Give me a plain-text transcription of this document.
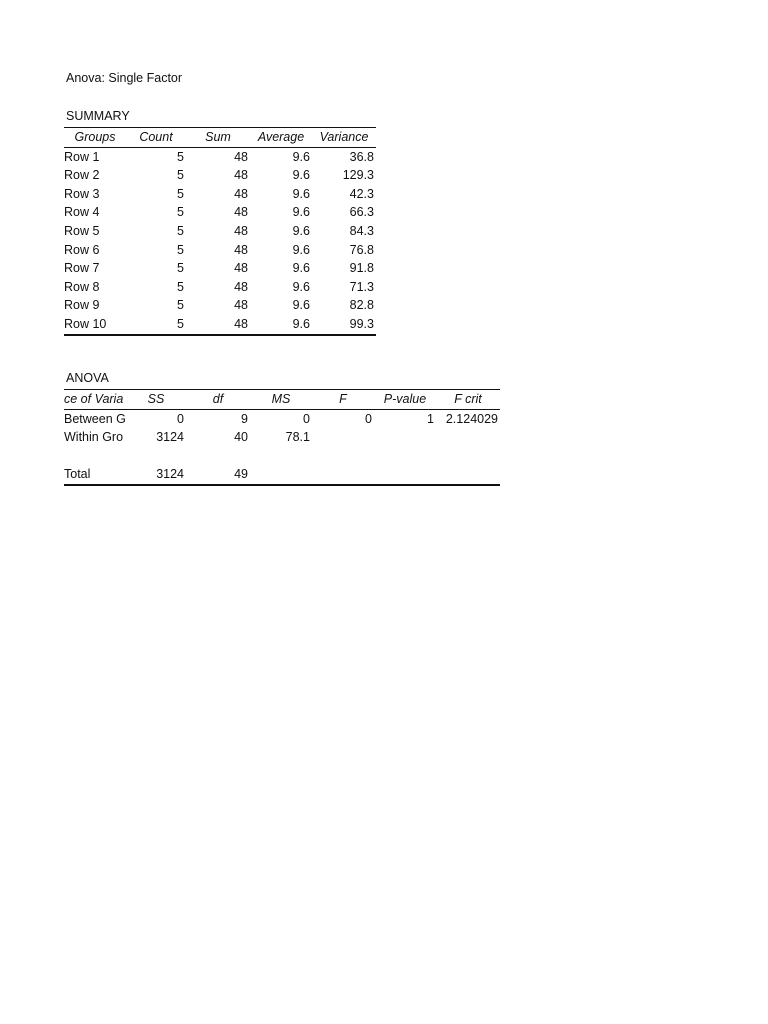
Anova: Single Factor
SUMMARY
Groups	Count	Sum	Average	Variance
Row 1	5	48	9.6	36.8
Row 2	5	48	9.6	129.3
Row 3	5	48	9.6	42.3
Row 4	5	48	9.6	66.3
Row 5	5	48	9.6	84.3
Row 6	5	48	9.6	76.8
Row 7	5	48	9.6	91.8
Row 8	5	48	9.6	71.3
Row 9	5	48	9.6	82.8
Row 10	5	48	9.6	99.3
ANOVA
ce of Varia	SS	df	MS	F	P-value	F crit
Between G	0	9	0	0	1	2.124029
Within Gro	3124	40	78.1			

Total	3124	49				
